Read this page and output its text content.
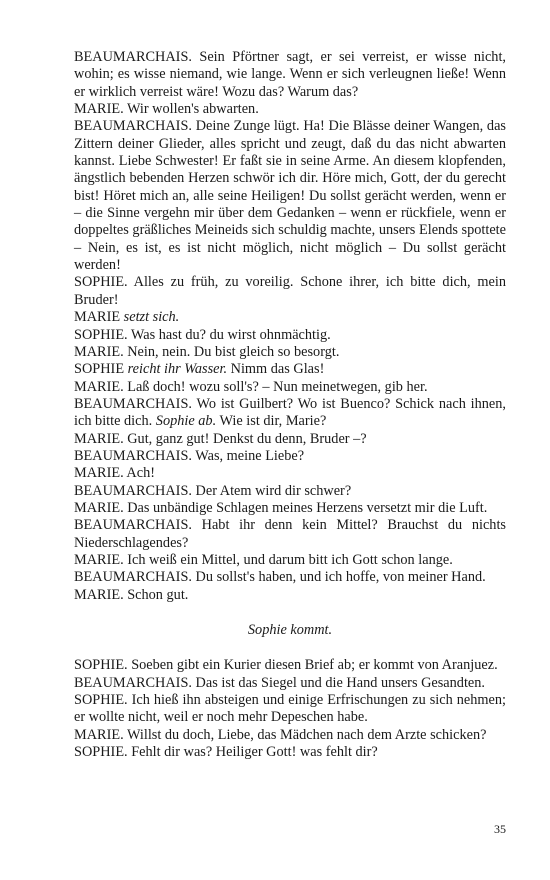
BEAUMARCHAIS. Sein Pförtner sagt, er sei verreist, er wisse nicht, wohin; es wisse niemand, wie lange. Wenn er sich verleugnen ließe! Wenn er wirklich verreist wäre! Wozu das? Warum das?

MARIE. Wir wollen's abwarten.

BEAUMARCHAIS. Deine Zunge lügt. Ha! Die Blässe deiner Wangen, das Zittern deiner Glieder, alles spricht und zeugt, daß du das nicht abwarten kannst. Liebe Schwester! Er faßt sie in seine Arme. An diesem klopfenden, ängstlich bebenden Herzen schwör ich dir. Höre mich, Gott, der du gerecht bist! Höret mich an, alle seine Heiligen! Du sollst gerächt werden, wenn er – die Sinne vergehn mir über dem Gedanken – wenn er rückfiele, wenn er doppeltes gräßliches Meineids sich schuldig machte, unsers Elends spottete – Nein, es ist, es ist nicht möglich, nicht möglich – Du sollst gerächt werden!

SOPHIE. Alles zu früh, zu voreilig. Schone ihrer, ich bitte dich, mein Bruder!

MARIE setzt sich.

SOPHIE. Was hast du? du wirst ohnmächtig.

MARIE. Nein, nein. Du bist gleich so besorgt.

SOPHIE reicht ihr Wasser. Nimm das Glas!

MARIE. Laß doch! wozu soll's? – Nun meinetwegen, gib her.

BEAUMARCHAIS. Wo ist Guilbert? Wo ist Buenco? Schick nach ihnen, ich bitte dich. Sophie ab. Wie ist dir, Marie?

MARIE. Gut, ganz gut! Denkst du denn, Bruder –?

BEAUMARCHAIS. Was, meine Liebe?

MARIE. Ach!

BEAUMARCHAIS. Der Atem wird dir schwer?

MARIE. Das unbändige Schlagen meines Herzens versetzt mir die Luft.

BEAUMARCHAIS. Habt ihr denn kein Mittel? Brauchst du nichts Niederschlagendes?

MARIE. Ich weiß ein Mittel, und darum bitt ich Gott schon lange.

BEAUMARCHAIS. Du sollst's haben, und ich hoffe, von meiner Hand.

MARIE. Schon gut.

Sophie kommt.

SOPHIE. Soeben gibt ein Kurier diesen Brief ab; er kommt von Aranjuez.

BEAUMARCHAIS. Das ist das Siegel und die Hand unsers Gesandten.

SOPHIE. Ich hieß ihn absteigen und einige Erfrischungen zu sich nehmen; er wollte nicht, weil er noch mehr Depeschen habe.

MARIE. Willst du doch, Liebe, das Mädchen nach dem Arzte schicken?

SOPHIE. Fehlt dir was? Heiliger Gott! was fehlt dir?

35
